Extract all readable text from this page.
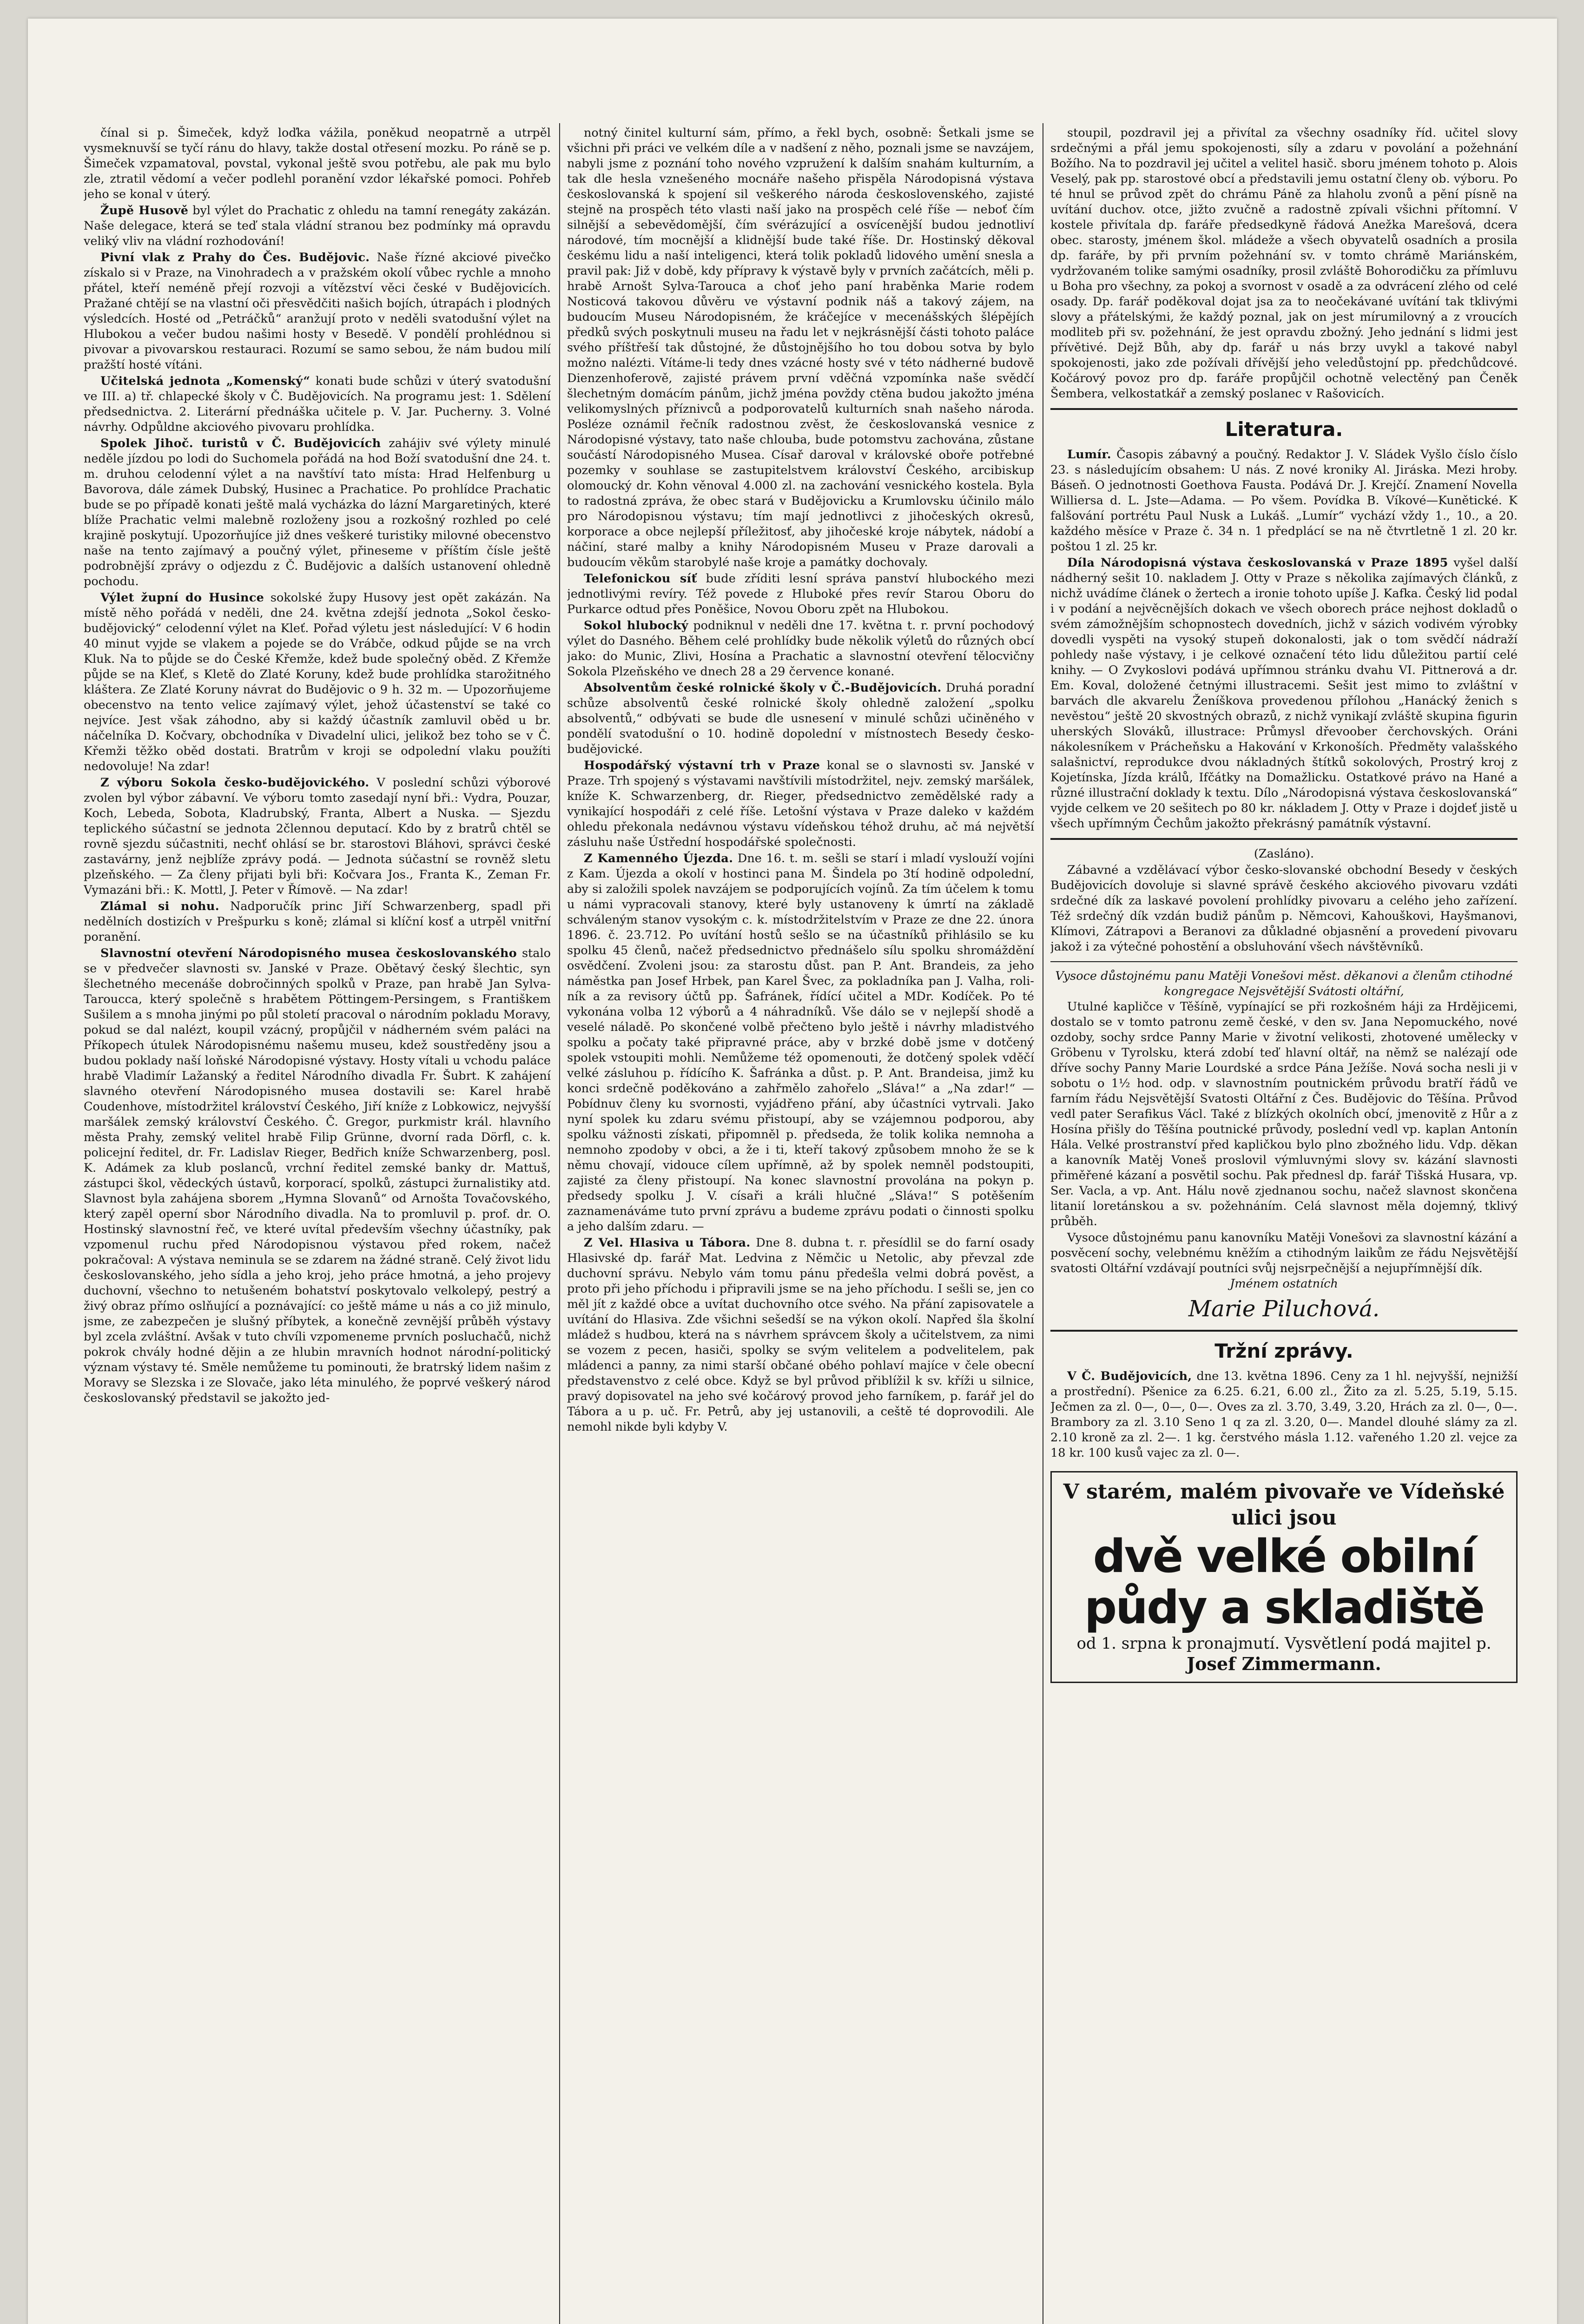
čínal si p. Šimeček, když loďka vážila, poněkud neopatrně a utrpěl vysmeknuvší se tyčí ránu do hlavy, takže dostal otřesení mozku. Po ráně se p. Šimeček vzpamatoval, povstal, vykonal ještě svou potřebu, ale pak mu bylo zle, ztratil vědomí a večer podlehl poranění vzdor lékařské pomoci. Pohřeb jeho se konal v úterý.

Župě Husově byl výlet do Prachatic z ohledu na tamní renegáty zakázán. Naše delegace, která se teď stala vládní stranou bez podmínky má opravdu veliký vliv na vládní rozhodování!

Pivní vlak z Prahy do Čes. Budějovic. Naše řízné akciové pivečko získalo si v Praze, na Vinohradech a v pražském okolí vůbec rychle a mnoho přátel, kteří neméně přejí rozvoji a vítězství věci české v Budějovicích. Pražané chtějí se na vlastní oči přesvědčiti našich bojích, útrapách i plodných výsledcích. Hosté od „Petráčků“ aranžují proto v neděli svatodušní výlet na Hlubokou a večer budou našimi hosty v Besedě. V pondělí prohlédnou si pivovar a pivovarskou restauraci. Rozumí se samo sebou, že nám budou milí pražští hosté vítáni.

Učitelská jednota „Komenský“ konati bude schůzi v úterý svatodušní ve III. a) tř. chlapecké školy v Č. Budějovicích. Na programu jest: 1. Sdělení předsednictva. 2. Literární přednáška učitele p. V. Jar. Pucherny. 3. Volné návrhy. Odpůldne akciového pivovaru prohlídka.

Spolek Jihoč. turistů v Č. Budějovicích zahájiv své výlety minulé neděle jízdou po lodi do Suchomela pořádá na hod Boží svatodušní dne 24. t. m. druhou celodenní výlet a na navštíví tato místa: Hrad Helfenburg u Bavorova, dále zámek Dubský, Husinec a Prachatice. Po prohlídce Prachatic bude se po případě konati ještě malá vycházka do lázní Margaretiných, které blíže Prachatic velmi malebně rozloženy jsou a rozkošný rozhled po celé krajině poskytují. Upozorňujíce již dnes veškeré turistiky milovné obecenstvo naše na tento zajímavý a poučný výlet, přineseme v příštím čísle ještě podrobnější zprávy o odjezdu z Č. Budějovic a dalších ustanovení ohledně pochodu.

Výlet župní do Husince sokolské župy Husovy jest opět zakázán. Na místě něho pořádá v neděli, dne 24. května zdejší jednota „Sokol česko-budějovický“ celodenní výlet na Kleť. Pořad výletu jest následující: V 6 hodin 40 minut vyjde se vlakem a pojede se do Vrábče, odkud půjde se na vrch Kluk. Na to půjde se do České Křemže, kdež bude společný oběd. Z Křemže půjde se na Kleť, s Kletě do Zlaté Koruny, kdež bude prohlídka starožitného kláštera. Ze Zlaté Koruny návrat do Budějovic o 9 h. 32 m. — Upozorňujeme obecenstvo na tento velice zajímavý výlet, jehož účastenství se také co nejvíce. Jest však záhodno, aby si každý účastník zamluvil oběd u br. náčelníka D. Kočvary, obchodníka v Divadelní ulici, jelikož bez toho se v Č. Křemži těžko oběd dostati. Bratrům v kroji se odpolední vlaku použíti nedovoluje! Na zdar!

Z výboru Sokola česko-budějovického. V poslední schůzi výborové zvolen byl výbor zábavní. Ve výboru tomto zasedají nyní bři.: Vydra, Pouzar, Koch, Lebeda, Sobota, Kladrubský, Franta, Albert a Nuska. — Sjezdu teplického súčastní se jednota 2člennou deputací. Kdo by z bratrů chtěl se rovně sjezdu súčastniti, nechť ohlásí se br. starostovi Bláhovi, správci české zastavárny, jenž nejblíže zprávy podá. — Jednota súčastní se rovněž sletu plzeňského. — Za členy přijati byli bři: Kočvara Jos., Franta K., Zeman Fr. Vymazáni bři.: K. Mottl, J. Peter v Římově. — Na zdar!

Zlámal si nohu. Nadporučík princ Jiří Schwarzenberg, spadl při nedělních dostizích v Prešpurku s koně; zlámal si klíční kosť a utrpěl vnitřní poranění.

Slavnostní otevření Národopisného musea českoslovanského stalo se v předvečer slavnosti sv. Janské v Praze. Obětavý český šlechtic, syn šlechetného mecenáše dobročinných spolků v Praze, pan hrabě Jan Sylva-Taroucca, který společně s hrabětem Pöttingem-Persingem, s Františkem Sušilem a s mnoha jinými po půl století pracoval o národním pokladu Moravy, pokud se dal nalézt, koupil vzácný, propůjčil v nádherném svém paláci na Příkopech útulek Národopisnému našemu museu, kdež soustředěny jsou a budou poklady naší loňské Národopisné výstavy. Hosty vítali u vchodu paláce hrabě Vladimír Lažanský a ředitel Národního divadla Fr. Šubrt. K zahájení slavného otevření Národopisného musea dostavili se: Karel hrabě Coudenhove, místodržitel království Českého, Jiří kníže z Lobkowicz, nejvyšší maršálek zemský království Českého. Č. Gregor, purkmistr král. hlavního města Prahy, zemský velitel hrabě Filip Grünne, dvorní rada Dörfl, c. k. policejní ředitel, dr. Fr. Ladislav Rieger, Bedřich kníže Schwarzenberg, posl. K. Adámek za klub poslanců, vrchní ředitel zemské banky dr. Mattuš, zástupci škol, vědeckých ústavů, korporací, spolků, zástupci žurnalistiky atd. Slavnost byla zahájena sborem „Hymna Slovanů“ od Arnošta Tovačovského, který zapěl operní sbor Národního divadla. Na to promluvil p. prof. dr. O. Hostinský slavnostní řeč, ve které uvítal především všechny účastníky, pak vzpomenul ruchu před Národopisnou výstavou před rokem, načež pokračoval: A výstava neminula se se zdarem na žádné straně. Celý život lidu českoslovanského, jeho sídla a jeho kroj, jeho práce hmotná, a jeho projevy duchovní, všechno to netušeném bohatství poskytovalo velkolepý, pestrý a živý obraz přímo oslňující a poznávající: co ještě máme u nás a co již minulo, jsme, ze zabezpečen je slušný příbytek, a konečně zevnější průběh výstavy byl zcela zvláštní. Avšak v tuto chvíli vzpomeneme prvních posluchačů, nichž pokrok chvály hodné dějin a ze hlubin mravních hodnot národní-politický význam výstavy té. Směle nemůžeme tu pominouti, že bratrský lidem našim z Moravy se Slezska i ze Slovače, jako léta minulého, že poprvé veškerý národ českoslovanský představil se jakožto jed-

notný činitel kulturní sám, přímo, a řekl bych, osobně: Šetkali jsme se všichni při práci ve velkém díle a v nadšení z něho, poznali jsme se navzájem, nabyli jsme z poznání toho nového vzpružení k dalším snahám kulturním, a tak dle hesla vznešeného mocnáře našeho přispěla Národopisná výstava českoslovanská k spojení sil veškerého národa československého, zajisté stejně na prospěch této vlasti naší jako na prospěch celé říše — neboť čím silnější a sebevědomější, čím svérázující a osvícenější budou jednotliví národové, tím mocnější a klidnější bude také říše. Dr. Hostinský děkoval českému lidu a naší inteligenci, která tolik pokladů lidového umění snesla a pravil pak: Již v době, kdy přípravy k výstavě byly v prvních začátcích, měli p. hrabě Arnošt Sylva-Tarouca a choť jeho paní hraběnka Marie rodem Nosticová takovou důvěru ve výstavní podnik náš a takový zájem, na budoucím Museu Národopisném, že kráčejíce v mecenášských šlépějích předků svých poskytnuli museu na řadu let v nejkrásnější části tohoto paláce svého příštřeší tak důstojné, že důstojnějšího ho tou dobou sotva by bylo možno nalézti. Vítáme-li tedy dnes vzácné hosty své v této nádherné budově Dienzenhoferově, zajisté právem první vděčná vzpomínka naše svědčí šlechetným domácím pánům, jichž jména povždy ctěna budou jakožto jména velikomyslných příznivců a podporovatelů kulturních snah našeho národa. Posléze oznámil řečník radostnou zvěst, že českoslovanská vesnice z Národopisné výstavy, tato naše chlouba, bude potomstvu zachována, zůstane součástí Národopisného Musea. Císař daroval v královské oboře potřebné pozemky v souhlase se zastupitelstvem království Českého, arcibiskup olomoucký dr. Kohn věnoval 4.000 zl. na zachování vesnického kostela. Byla to radostná zpráva, že obec stará v Budějovicku a Krumlovsku účinilo málo pro Národopisnou výstavu; tím mají jednotlivci z jihočeských okresů, korporace a obce nejlepší příležitosť, aby jihočeské kroje nábytek, nádobí a náčiní, staré malby a knihy Národopisném Museu v Praze darovali a budoucím věkům starobylé naše kroje a památky dochovaly.

Telefonickou síť bude zříditi lesní správa panství hlubockého mezi jednotlivými revíry. Též povede z Hluboké přes revír Starou Oboru do Purkarce odtud přes Poněšice, Novou Oboru zpět na Hlubokou.

Sokol hlubocký podniknul v neděli dne 17. května t. r. první pochodový výlet do Dasného. Během celé prohlídky bude několik výletů do různých obcí jako: do Munic, Zlivi, Hosína a Prachatic a slavnostní otevření tělocvičny Sokola Plzeňského ve dnech 28 a 29 července konané.

Absolventům české rolnické školy v Č.-Budějovicích. Druhá poradní schůze absolventů české rolnické školy ohledně založení „spolku absolventů,“ odbývati se bude dle usnesení v minulé schůzi učiněného v pondělí svatodušní o 10. hodině dopolední v místnostech Besedy česko-budějovické.

Hospodářský výstavní trh v Praze konal se o slavnosti sv. Janské v Praze. Trh spojený s výstavami navštívili místodržitel, nejv. zemský maršálek, kníže K. Schwarzenberg, dr. Rieger, předsednictvo zemědělské rady a vynikající hospodáři z celé říše. Letošní výstava v Praze daleko v každém ohledu překonala nedávnou výstavu vídeňskou téhož druhu, ač má největší zásluhu naše Ústřední hospodářské společnosti.

Z Kamenného Újezda. Dne 16. t. m. sešli se starí i mladí vyslouží vojíni z Kam. Újezda a okolí v hostinci pana M. Šindela po 3tí hodině odpolední, aby si založili spolek navzájem se podporujících vojínů. Za tím účelem k tomu u námi vypracovali stanovy, které byly ustanoveny k úmrtí na základě schváleným stanov vysokým c. k. místodržitelstvím v Praze ze dne 22. února 1896. č. 23.712. Po uvítání hostů sešlo se na účastníků přihlásilo se ku spolku 45 členů, načež předsednictvo přednášelo sílu spolku shromáždění osvědčení. Zvoleni jsou: za starostu důst. pan P. Ant. Brandeis, za jeho náměstka pan Josef Hrbek, pan Karel Švec, za pokladníka pan J. Valha, roliník a za revisory účtů pp. Šafránek, řídící učitel a MDr. Kodíček. Po té vykonána volba 12 výborů a 4 náhradníků. Vše dálo se v nejlepší shodě a veselé náladě. Po skončené volbě přečteno bylo ještě i návrhy mladistvého spolku a počaty také připravné práce, aby v brzké době jsme v dotčený spolek vstoupiti mohli. Nemůžeme též opomenouti, že dotčený spolek vděčí velké zásluhou p. řídícího K. Šafránka a důst. p. P. Ant. Brandeisa, jimž ku konci srdečně poděkováno a zahřmělo zahořelo „Sláva!“ a „Na zdar!“ — Pobídnuv členy ku svornosti, vyjádřeno přání, aby účastníci vytrvali. Jako nyní spolek ku zdaru svému přistoupí, aby se vzájemnou podporou, aby spolku vážnosti získati, připomněl p. předseda, že tolik kolika nemnoha a nemnoho zpodoby v obci, a že i ti, kteří takový způsobem mnoho že se k němu chovají, vidouce cílem upřímně, až by spolek nemněl podstoupiti, zajisté za členy přistoupí. Na konec slavnostní provolána na pokyn p. předsedy spolku J. V. císaři a králi hlučné „Sláva!“ S potěšením zaznamenáváme tuto první zprávu a budeme zprávu podati o činnosti spolku a jeho dalším zdaru. —

Z Vel. Hlasiva u Tábora. Dne 8. dubna t. r. přesídlil se do farní osady Hlasivské dp. farář Mat. Ledvina z Němčic u Netolic, aby převzal zde duchovní správu. Nebylo vám tomu pánu předešla velmi dobrá pověst, a proto při jeho příchodu i připravili jsme se na jeho příchodu. I sešli se, jen co měl jít z každé obce a uvítat duchovního otce svého. Na přání zapisovatele a uvítání do Hlasiva. Zde všichni sešedší se na výkon okolí. Napřed šla školní mládež s hudbou, která na s návrhem správcem školy a učitelstvem, za nimi se vozem z pecen, hasiči, spolky se svým velitelem a podvelitelem, pak mládenci a panny, za nimi starší občané obého pohlaví majíce v čele obecní představenstvo z celé obce. Když se byl průvod přiblížil k sv. kříži u silnice, pravý dopisovatel na jeho své kočárový provod jeho farníkem, p. farář jel do Tábora a u p. uč. Fr. Petrů, aby jej ustanovili, a ceště té doprovodili. Ale nemohl nikde byli kdyby V.

stoupil, pozdravil jej a přivítal za všechny osadníky říd. učitel slovy srdečnými a přál jemu spokojenosti, síly a zdaru v povolání a požehnání Božího. Na to pozdravil jej učitel a velitel hasič. sboru jménem tohoto p. Alois Veselý, pak pp. starostové obcí a představili jemu ostatní členy ob. výboru. Po té hnul se průvod zpět do chrámu Páně za hlaholu zvonů a pění písně na uvítání duchov. otce, jižto zvučně a radostně zpívali všichni přítomní. V kostele přivítala dp. faráře předsedkyně řádová Anežka Marešová, dcera obec. starosty, jménem škol. mládeže a všech obyvatelů osadních a prosila dp. faráře, by při prvním požehnání sv. v tomto chrámě Mariánském, vydržovaném tolike samými osadníky, prosil zvláště Bohorodičku za přímluvu u Boha pro všechny, za pokoj a svornost v osadě a za odvrácení zlého od celé osady. Dp. farář poděkoval dojat jsa za to neočekávané uvítání tak tklivými slovy a přátelskými, že každý poznal, jak on jest mírumilovný a z vroucích modliteb při sv. požehnání, že jest opravdu zbožný. Jeho jednání s lidmi jest přívětivé. Dejž Bůh, aby dp. farář u nás brzy uvykl a takové nabyl spokojenosti, jako zde požívali dřívější jeho veledůstojní pp. předchůdcové. Kočárový povoz pro dp. faráře propůjčil ochotně velectěný pan Čeněk Šembera, velkostatkář a zemský poslanec v Rašovicích.

Literatura.

Lumír. Časopis zábavný a poučný. Redaktor J. V. Sládek Vyšlo číslo číslo 23. s následujícím obsahem: U nás. Z nové kroniky Al. Jiráska. Mezi hroby. Báseň. O jednotnosti Goethova Fausta. Podává Dr. J. Krejčí. Znamení Novella Williersa d. L. Jste—Adama. — Po všem. Povídka B. Víkové—Kunětické. K falšování portrétu Paul Nusk a Lukáš. „Lumír“ vychází vždy 1., 10., a 20. každého měsíce v Praze č. 34 n. 1 předplácí se na ně čtvrtletně 1 zl. 20 kr. poštou 1 zl. 25 kr.

Díla Národopisná výstava českoslovanská v Praze 1895 vyšel další nádherný sešit 10. nakladem J. Otty v Praze s několika zajímavých článků, z nichž uvádíme článek o žertech a ironie tohoto upíše J. Kafka. Český lid podal i v podání a nejvěcnějších dokach ve všech oborech práce nejhost dokladů o svém zámožnějším schopnostech dovedních, jichž v sázich vodivém výrobky dovedli vyspěti na vysoký stupeň dokonalosti, jak o tom svědčí nádraží pohledy naše výstavy, i je celkové označení této lidu důležitou partií celé knihy. — O Zvykoslovi podává upřímnou stránku dvahu VI. Pittnerová a dr. Em. Koval, doložené četnými illustracemi. Sešit jest mimo to zvláštní v barvách dle akvarelu Ženíškova provedenou přílohou „Hanácký ženich s nevěstou“ ještě 20 skvostných obrazů, z nichž vynikají zvláště skupina figurin uherských Slováků, illustrace: Průmysl dřevoober čerchovských. Oráni nákolesníkem v Prácheňsku a Hakování v Krkonoších. Předměty valašského salašnictví, reprodukce dvou nákladných štítků sokolových, Prostrý kroj z Kojetínska, Jízda králů, Ifčátky na Domažlicku. Ostatkové právo na Hané a různé illustrační doklady k textu. Dílo „Národopisná výstava českoslovanská“ vyjde celkem ve 20 sešitech po 80 kr. nákladem J. Otty v Praze i dojdeť jistě u všech upřímným Čechům jakožto překrásný památník výstavní.

(Zasláno).

Zábavné a vzdělávací výbor česko-slovanské obchodní Besedy v českých Budějovicích dovoluje si slavné správě českého akciového pivovaru vzdáti srdečné dík za laskavé povolení prohlídky pivovaru a celého jeho zařízení. Též srdečný dík vzdán budiž pánům p. Němcovi, Kahouškovi, Hayšmanovi, Klímovi, Zátrapovi a Beranovi za důkladné objasnění a provedení pivovaru jakož i za výtečné pohostění a obsluhování všech návštěvníků.

Vysoce důstojnému panu Matěji Vonešovi měst. děkanovi a členům ctihodné kongregace Nejsvětější Svátosti oltářní,

Utulné kapličce v Těšíně, vypínající se při rozkošném háji za Hrdějicemi, dostalo se v tomto patronu země české, v den sv. Jana Nepomuckého, nové ozdoby, sochy srdce Panny Marie v životní velikosti, zhotovené umělecky v Gröbenu v Tyrolsku, která zdobí teď hlavní oltář, na němž se nalézají ode dříve sochy Panny Marie Lourdské a srdce Pána Ježíše. Nová socha nesli ji v sobotu o 1½ hod. odp. v slavnostním poutnickém průvodu bratří řádů ve farním řádu Nejsvětější Svatosti Oltářní z Čes. Budějovic do Těšína. Průvod vedl pater Serafikus Václ. Také z blízkých okolních obcí, jmenovitě z Hůr a z Hosína přišly do Těšína poutnické průvody, poslední vedl vp. kaplan Antonín Hála. Velké prostranství před kapličkou bylo plno zbožného lidu. Vdp. děkan a kanovník Matěj Voneš proslovil výmluvnými slovy sv. kázání slavnosti přiměřené kázaní a posvětil sochu. Pak přednesl dp. farář Tišská Husara, vp. Ser. Vacla, a vp. Ant. Hálu nově zjednanou sochu, načež slavnost skončena litanií loretánskou a sv. požehnáním. Celá slavnost měla dojemný, tklivý průběh.

Vysoce důstojnému panu kanovníku Matěji Vonešovi za slavnostní kázání a posvěcení sochy, velebnému kněžím a ctihodným laikům ze řádu Nejsvětější svatosti Oltářní vzdávají poutníci svůj nejsrpečnější a nejupřímnější dík.

Jménem ostatních

Marie Piluchová.
Tržní zprávy.

V Č. Budějovicích, dne 13. května 1896. Ceny za 1 hl. nejvyšší, nejnižší a prostřední). Pšenice za 6.25. 6.21, 6.00 zl., Žito za zl. 5.25, 5.19, 5.15. Ječmen za zl. 0—, 0—, 0—. Oves za zl. 3.70, 3.49, 3.20, Hrách za zl. 0—, 0—. Brambory za zl. 3.10 Seno 1 q za zl. 3.20, 0—. Mandel dlouhé slámy za zl. 2.10 kroně za zl. 2—. 1 kg. čerstvého másla 1.12. vařeného 1.20 zl. vejce za 18 kr. 100 kusů vajec za zl. 0—.

V starém, malém pivovaře ve Vídeňské ulici jsou
dvě velké obilní půdy a skladiště
od 1. srpna k pronajmutí. Vysvětlení podá majitel p. Josef Zimmermann.
